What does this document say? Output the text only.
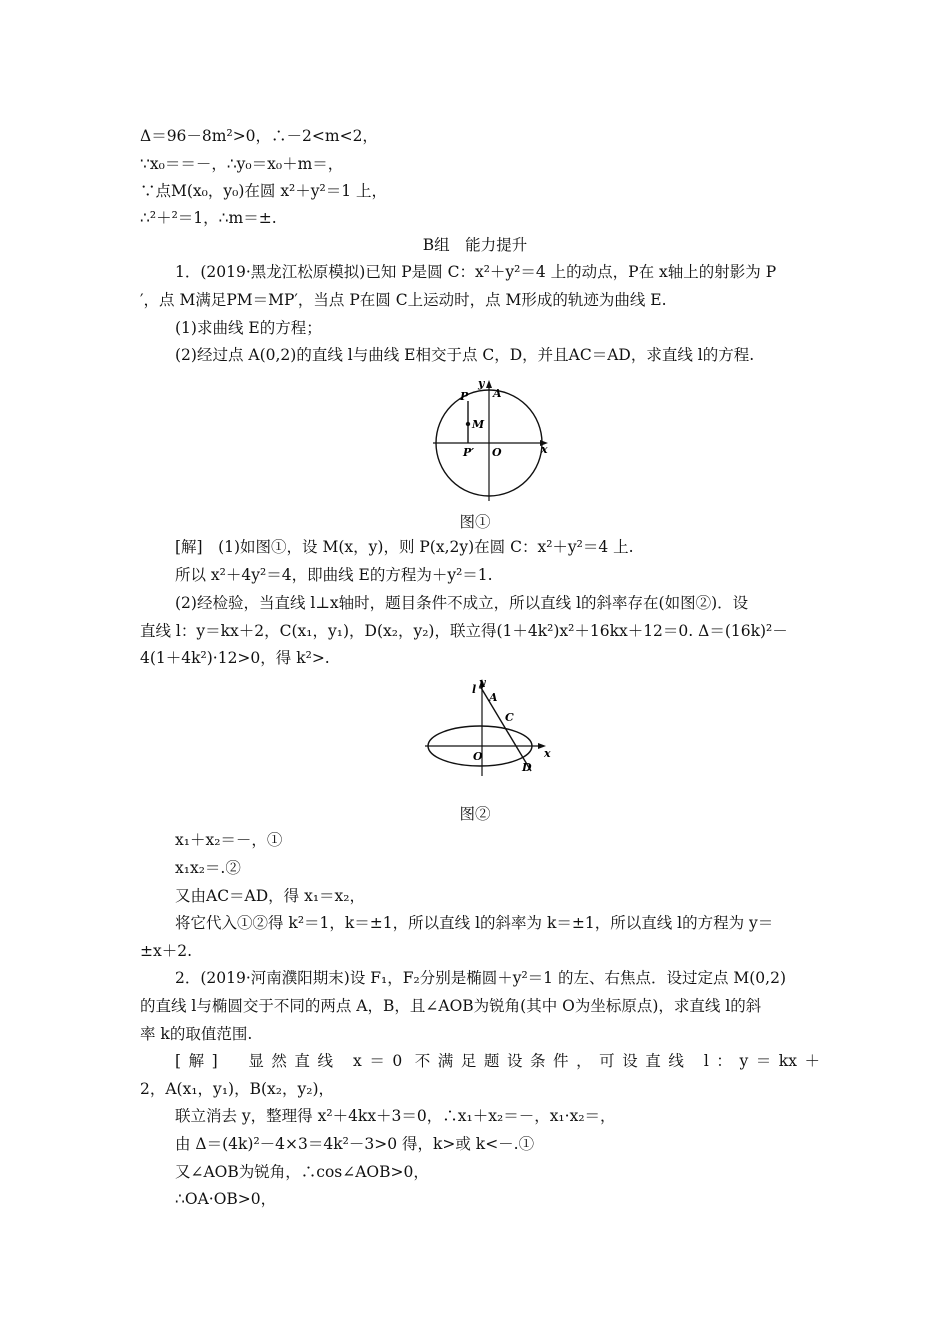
Δ＝96－8m²>0，∴－2<m<2，
∵x₀＝＝－，∴y₀＝x₀＋m＝，
∵点M(x₀，y₀)在圆 x²＋y²＝1 上，
∴²＋²＝1，∴m＝±.
B组　能力提升
1．(2019·黑龙江松原模拟)已知 P是圆 C：x²＋y²＝4 上的动点，P在 x轴上的射影为 P
′，点 M满足PM＝MP′，当点 P在圆 C上运动时，点 M形成的轨迹为曲线 E.
(1)求曲线 E的方程；
(2)经过点 A(0,2)的直线 l与曲线 E相交于点 C，D，并且AC＝AD，求直线 l的方程.
y
A
P
M
P′ O	x
图①
[解]　(1)如图①，设 M(x，y)，则 P(x,2y)在圆 C：x²＋y²＝4 上.
所以 x²＋4y²＝4，即曲线 E的方程为＋y²＝1.
(2)经检验，当直线 l⊥x轴时，题目条件不成立，所以直线 l的斜率存在(如图②)．设
直线 l：y＝kx＋2，C(x₁，y₁)，D(x₂，y₂)，联立得(1＋4k²)x²＋16kx＋12＝0. Δ＝(16k)²－
4(1＋4k²)·12>0，得 k²>.
l
y
A
C
O	x
D
图②
x₁＋x₂＝－，①
x₁x₂＝.②
又由AC＝AD，得 x₁＝x₂，
将它代入①②得 k²＝1，k＝±1，所以直线 l的斜率为 k＝±1，所以直线 l的方程为 y＝
±x＋2.
2．(2019·河南濮阳期末)设 F₁，F₂分别是椭圆＋y²＝1 的左、右焦点．设过定点 M(0,2)
的直线 l与椭圆交于不同的两点 A，B，且∠AOB为锐角(其中 O为坐标原点)，求直线 l的斜
率 k的取值范围.
[解]　显然直线 x＝0 不满足题设条件，可设直线 l：y＝kx＋
2，A(x₁，y₁)，B(x₂，y₂)，
联立消去 y，整理得 x²＋4kx＋3＝0，∴x₁＋x₂＝－，x₁·x₂＝，
由 Δ＝(4k)²－4×3＝4k²－3>0 得，k>或 k<－.①
又∠AOB为锐角，∴cos∠AOB>0，
∴OA·OB>0，
